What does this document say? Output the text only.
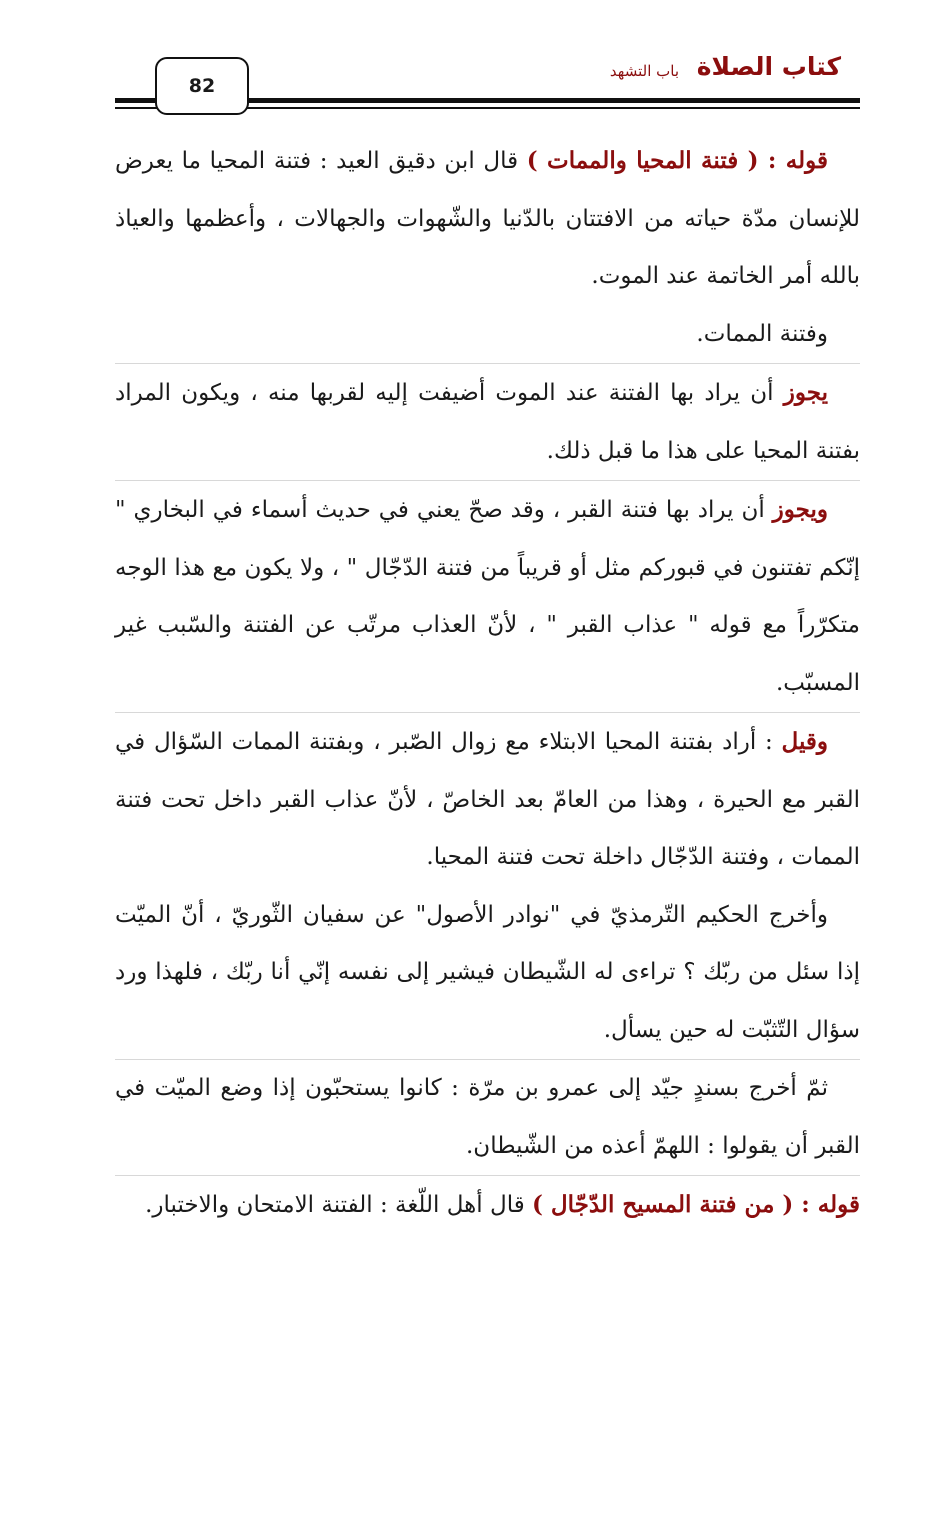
كتاب الصلاة
باب التشهد
82

قوله : ( فتنة المحيا والممات ) قال ابن دقيق العيد : فتنة المحيا ما يعرض للإنسان مدّة حياته من الافتتان بالدّنيا والشّهوات والجهالات ، وأعظمها والعياذ بالله أمر الخاتمة عند الموت.

وفتنة الممات.

يجوز أن يراد بها الفتنة عند الموت أضيفت إليه لقربها منه ، ويكون المراد بفتنة المحيا على هذا ما قبل ذلك.

ويجوز أن يراد بها فتنة القبر ، وقد صحّ يعني في حديث أسماء في البخاري " إنّكم تفتنون في قبوركم مثل أو قريباً من فتنة الدّجّال " ، ولا يكون مع هذا الوجه متكرّراً مع قوله " عذاب القبر " ، لأنّ العذاب مرتّب عن الفتنة والسّبب غير المسبّب.

وقيل : أراد بفتنة المحيا الابتلاء مع زوال الصّبر ، وبفتنة الممات السّؤال في القبر مع الحيرة ، وهذا من العامّ بعد الخاصّ ، لأنّ عذاب القبر داخل تحت فتنة الممات ، وفتنة الدّجّال داخلة تحت فتنة المحيا.

وأخرج الحكيم التّرمذيّ في "نوادر الأصول" عن سفيان الثّوريّ ، أنّ الميّت إذا سئل من ربّك ؟ تراءى له الشّيطان فيشير إلى نفسه إنّي أنا ربّك ، فلهذا ورد سؤال التّثبّت له حين يسأل.

ثمّ أخرج بسندٍ جيّد إلى عمرو بن مرّة : كانوا يستحبّون إذا وضع الميّت في القبر أن يقولوا : اللهمّ أعذه من الشّيطان.

قوله : ( من فتنة المسيح الدّجّال ) قال أهل اللّغة : الفتنة الامتحان والاختبار.
